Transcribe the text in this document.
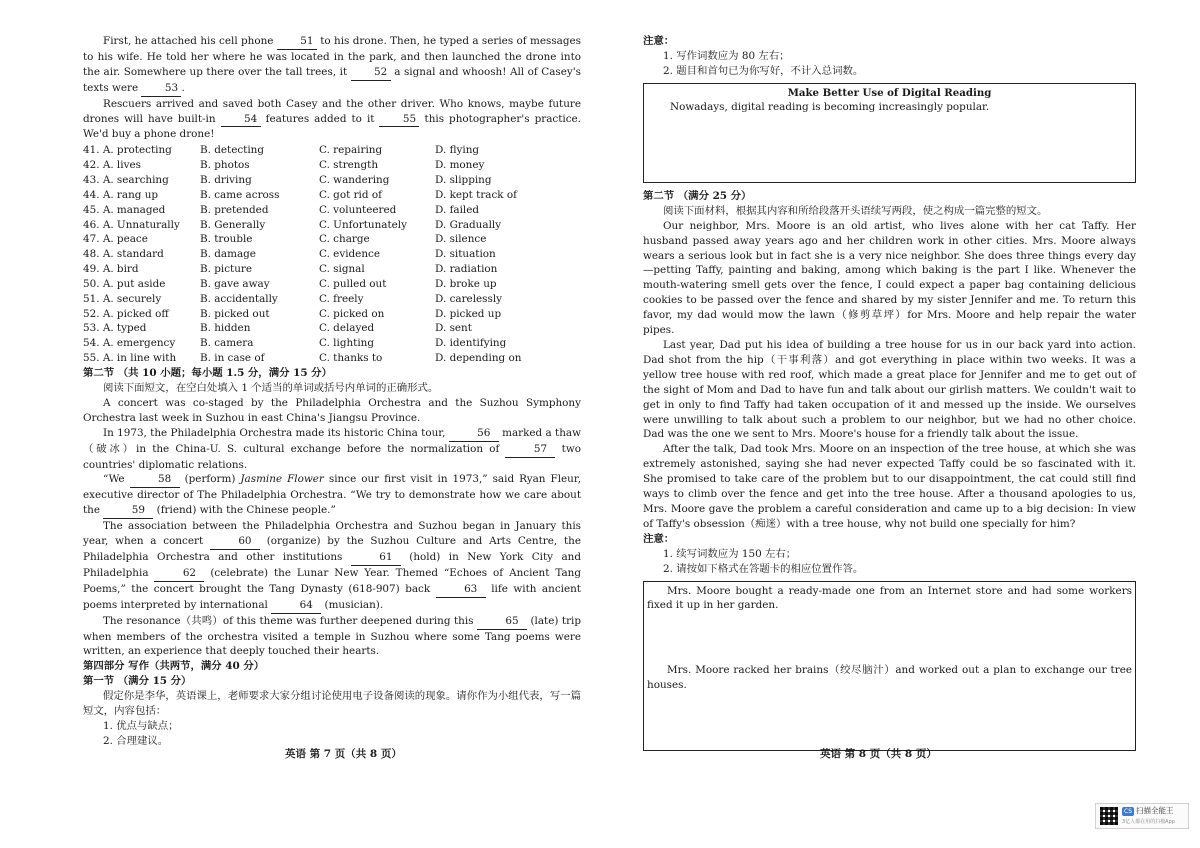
First, he attached his cell phone	51 to his drone. Then, he typed a series of messages to his wife. He told her where he was located in the park, and then launched the drone into the air. Somewhere up there over the tall trees, it	52 a signal and whoosh! All of Casey's texts were	53 .

Rescuers arrived and saved both Casey and the other driver. Who knows, maybe future drones will have built-in	54 features added to it	55 this photographer's practice. We'd buy a phone drone!

41. A. protecting	B. detecting	C. repairing	D. flying
42. A. lives	B. photos	C. strength	D. money
43. A. searching	B. driving	C. wandering	D. slipping
44. A. rang up	B. came across	C. got rid of	D. kept track of
45. A. managed	B. pretended	C. volunteered	D. failed
46. A. Unnaturally	B. Generally	C. Unfortunately	D. Gradually
47. A. peace	B. trouble	C. charge	D. silence
48. A. standard	B. damage	C. evidence	D. situation
49. A. bird	B. picture	C. signal	D. radiation
50. A. put aside	B. gave away	C. pulled out	D. broke up
51. A. securely	B. accidentally	C. freely	D. carelessly
52. A. picked off	B. picked out	C. picked on	D. picked up
53. A. typed	B. hidden	C. delayed	D. sent
54. A. emergency	B. camera	C. lighting	D. identifying
55. A. in line with	B. in case of	C. thanks to	D. depending on

第二节 （共 10 小题；每小题 1.5 分，满分 15 分）

阅读下面短文，在空白处填入 1 个适当的单词或括号内单词的正确形式。

A concert was co-staged by the Philadelphia Orchestra and the Suzhou Symphony Orchestra last week in Suzhou in east China's Jiangsu Province.

In 1973, the Philadelphia Orchestra made its historic China tour,	56 marked a thaw（破冰）in the China-U. S. cultural exchange before the normalization of	57 two countries' diplomatic relations.

“We	58 (perform) Jasmine Flower since our first visit in 1973,” said Ryan Fleur, executive director of The Philadelphia Orchestra. “We try to demonstrate how we care about the	59 (friend) with the Chinese people.”

The association between the Philadelphia Orchestra and Suzhou began in January this year, when a concert	60 (organize) by the Suzhou Culture and Arts Centre, the Philadelphia Orchestra and other institutions	61 (hold) in New York City and Philadelphia	62 (celebrate) the Lunar New Year. Themed “Echoes of Ancient Tang Poems,” the concert brought the Tang Dynasty (618-907) back	63 life with ancient poems interpreted by international	64 (musician).

The resonance（共鸣）of this theme was further deepened during this	65 (late) trip when members of the orchestra visited a temple in Suzhou where some Tang poems were written, an experience that deeply touched their hearts.

第四部分 写作（共两节，满分 40 分）

第一节 （满分 15 分）

假定你是李华，英语课上，老师要求大家分组讨论使用电子设备阅读的现象。请你作为小组代表，写一篇短文，内容包括：

1. 优点与缺点；

2. 合理建议。

英语 第 7 页（共 8 页）

注意：

1. 写作词数应为 80 左右；

2. 题目和首句已为你写好，不计入总词数。

Make Better Use of Digital Reading

Nowadays, digital reading is becoming increasingly popular.

第二节 （满分 25 分）

阅读下面材料，根据其内容和所给段落开头语续写两段，使之构成一篇完整的短文。

Our neighbor, Mrs. Moore is an old artist, who lives alone with her cat Taffy. Her husband passed away years ago and her children work in other cities. Mrs. Moore always wears a serious look but in fact she is a very nice neighbor. She does three things every day—petting Taffy, painting and baking, among which baking is the part I like. Whenever the mouth-watering smell gets over the fence, I could expect a paper bag containing delicious cookies to be passed over the fence and shared by my sister Jennifer and me. To return this favor, my dad would mow the lawn（修剪草坪）for Mrs. Moore and help repair the water pipes.

Last year, Dad put his idea of building a tree house for us in our back yard into action. Dad shot from the hip（干事利落）and got everything in place within two weeks. It was a yellow tree house with red roof, which made a great place for Jennifer and me to get out of the sight of Mom and Dad to have fun and talk about our girlish matters. We couldn't wait to get in only to find Taffy had taken occupation of it and messed up the inside. We ourselves were unwilling to talk about such a problem to our neighbor, but we had no other choice. Dad was the one we sent to Mrs. Moore's house for a friendly talk about the issue.

After the talk, Dad took Mrs. Moore on an inspection of the tree house, at which she was extremely astonished, saying she had never expected Taffy could be so fascinated with it. She promised to take care of the problem but to our disappointment, the cat could still find ways to climb over the fence and get into the tree house. After a thousand apologies to us, Mrs. Moore gave the problem a careful consideration and came up to a big decision: In view of Taffy's obsession（痴迷）with a tree house, why not build one specially for him?

注意：

1. 续写词数应为 150 左右；

2. 请按如下格式在答题卡的相应位置作答。

Mrs. Moore bought a ready-made one from an Internet store and had some workers fixed it up in her garden.

Mrs. Moore racked her brains（绞尽脑汁）and worked out a plan to exchange our tree houses.

英语 第 8 页（共 8 页）
CS 扫描全能王
3亿人都在用的扫描App
